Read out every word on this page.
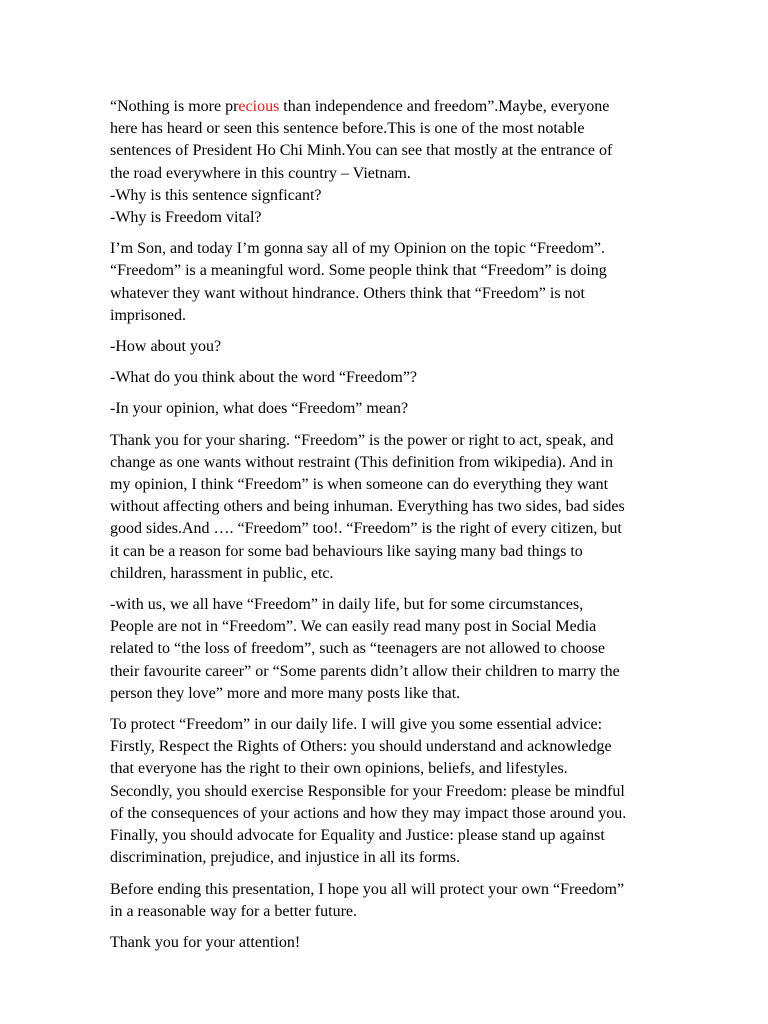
“Nothing is more precious than independence and freedom”.Maybe, everyone
here has heard or seen this sentence before.This is one of the most notable
sentences of President Ho Chi Minh.You can see that mostly at the entrance of
the road everywhere in this country – Vietnam.
-Why is this sentence signficant?
-Why is Freedom vital?

I’m Son, and today I’m gonna say all of my Opinion on the topic “Freedom”.
“Freedom” is a meaningful word. Some people think that “Freedom” is doing
whatever they want without hindrance. Others think that “Freedom” is not
imprisoned.

-How about you?

-What do you think about the word “Freedom”?

-In your opinion, what does “Freedom” mean?

Thank you for your sharing. “Freedom” is the power or right to act, speak, and
change as one wants without restraint (This definition from wikipedia). And in
my opinion, I think “Freedom” is when someone can do everything they want
without affecting others and being inhuman. Everything has two sides, bad sides
good sides.And …. “Freedom” too!. “Freedom” is the right of every citizen, but
it can be a reason for some bad behaviours like saying many bad things to
children, harassment in public, etc.

-with us, we all have “Freedom” in daily life, but for some circumstances,
People are not in “Freedom”. We can easily read many post in Social Media
related to “the loss of freedom”, such as “teenagers are not allowed to choose
their favourite career” or “Some parents didn’t allow their children to marry the
person they love” more and more many posts like that.

To protect “Freedom” in our daily life. I will give you some essential advice:
Firstly, Respect the Rights of Others: you should understand and acknowledge
that everyone has the right to their own opinions, beliefs, and lifestyles.
Secondly, you should exercise Responsible for your Freedom: please be mindful
of the consequences of your actions and how they may impact those around you.
Finally, you should advocate for Equality and Justice: please stand up against
discrimination, prejudice, and injustice in all its forms.

Before ending this presentation, I hope you all will protect your own “Freedom”
in a reasonable way for a better future.

Thank you for your attention!
